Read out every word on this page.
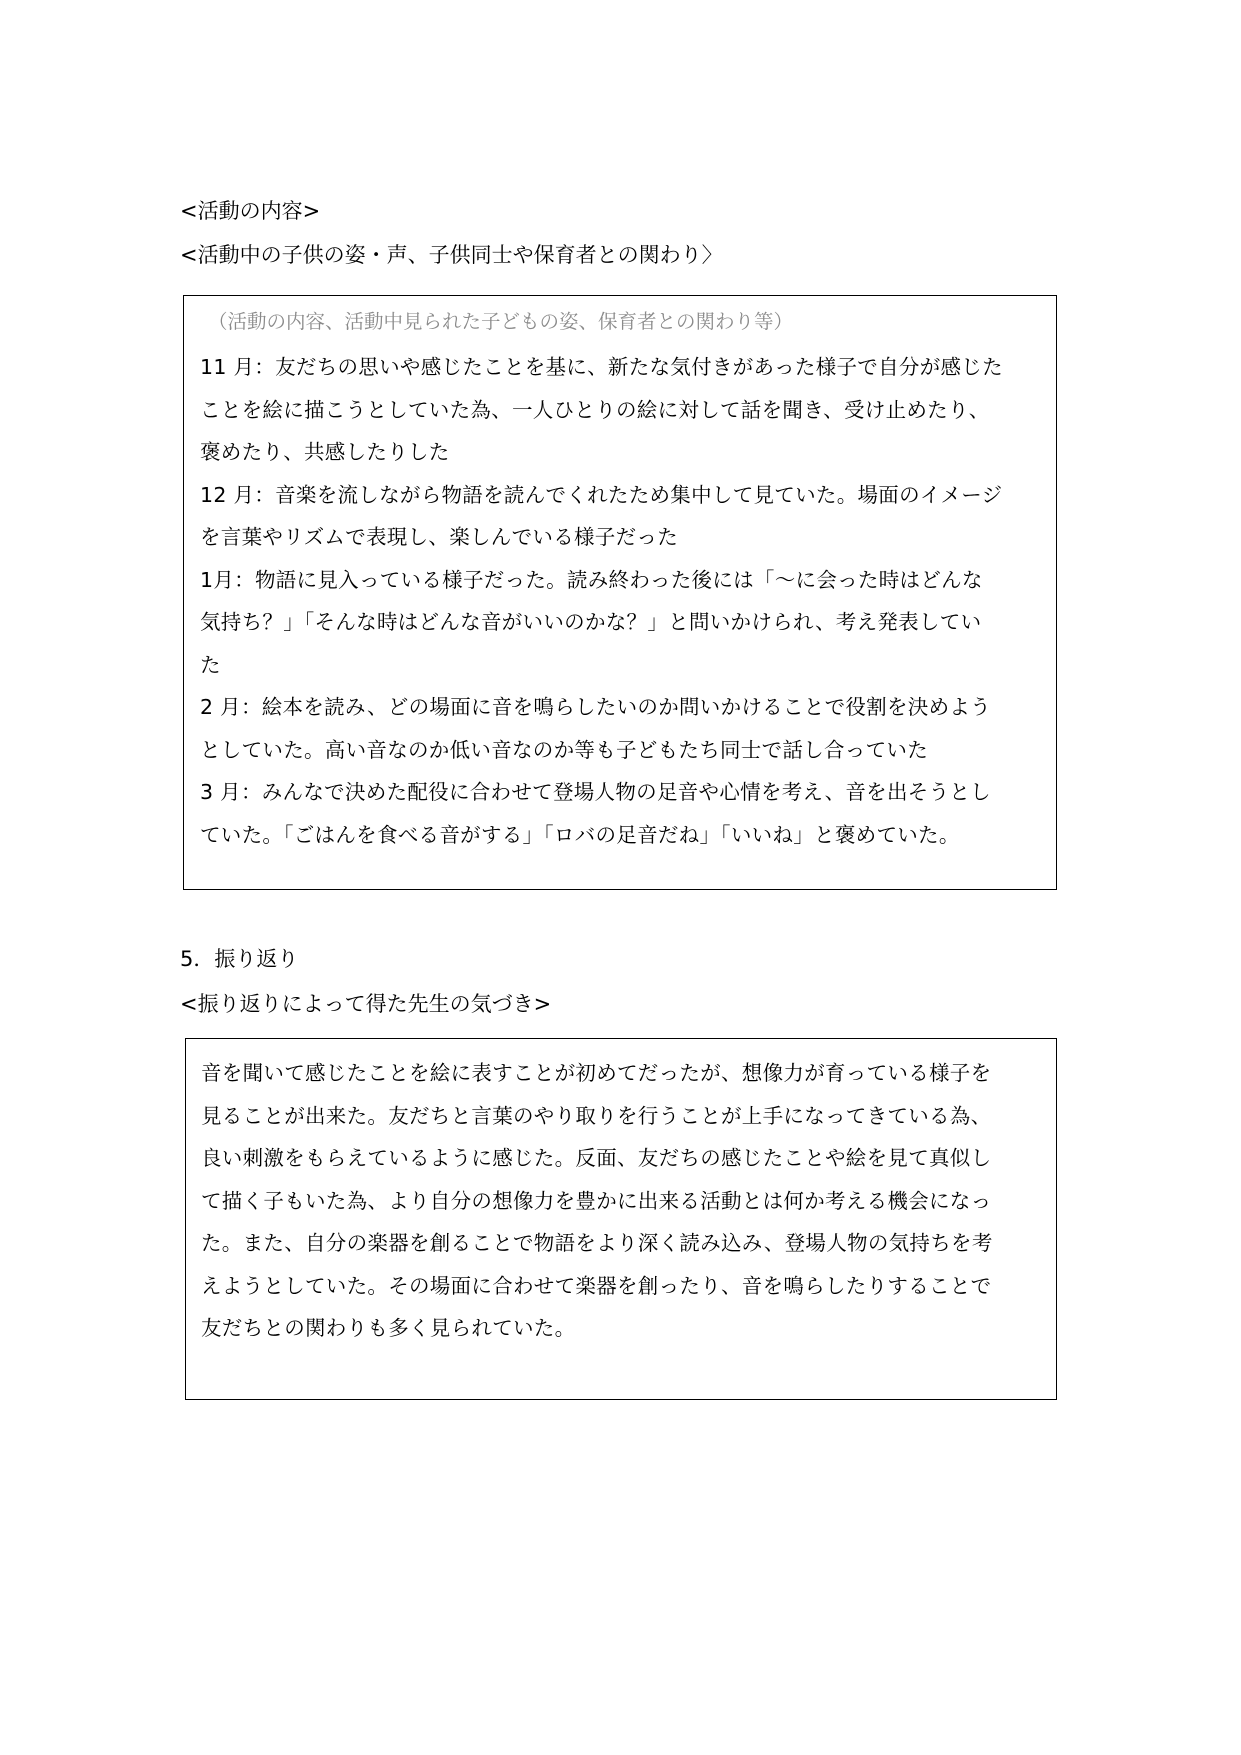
<活動の内容>
<活動中の子供の姿・声、子供同士や保育者との関わり〉

（活動の内容、活動中見られた子どもの姿、保育者との関わり等）

11 月：友だちの思いや感じたことを基に、新たな気付きがあった様子で自分が感じた
ことを絵に描こうとしていた為、一人ひとりの絵に対して話を聞き、受け止めたり、
褒めたり、共感したりした

12 月：音楽を流しながら物語を読んでくれたため集中して見ていた。場面のイメージ
を言葉やリズムで表現し、楽しんでいる様子だった

1月：物語に見入っている様子だった。読み終わった後には「～に会った時はどんな
気持ち？」「そんな時はどんな音がいいのかな？」と問いかけられ、考え発表してい
た

2 月：絵本を読み、どの場面に音を鳴らしたいのか問いかけることで役割を決めよう
としていた。高い音なのか低い音なのか等も子どもたち同士で話し合っていた

3 月：みんなで決めた配役に合わせて登場人物の足音や心情を考え、音を出そうとし
ていた。「ごはんを食べる音がする」「ロバの足音だね」「いいね」と褒めていた。

5．振り返り
<振り返りによって得た先生の気づき>

音を聞いて感じたことを絵に表すことが初めてだったが、想像力が育っている様子を
見ることが出来た。友だちと言葉のやり取りを行うことが上手になってきている為、
良い刺激をもらえているように感じた。反面、友だちの感じたことや絵を見て真似し
て描く子もいた為、より自分の想像力を豊かに出来る活動とは何か考える機会になっ
た。また、自分の楽器を創ることで物語をより深く読み込み、登場人物の気持ちを考
えようとしていた。その場面に合わせて楽器を創ったり、音を鳴らしたりすることで
友だちとの関わりも多く見られていた。
